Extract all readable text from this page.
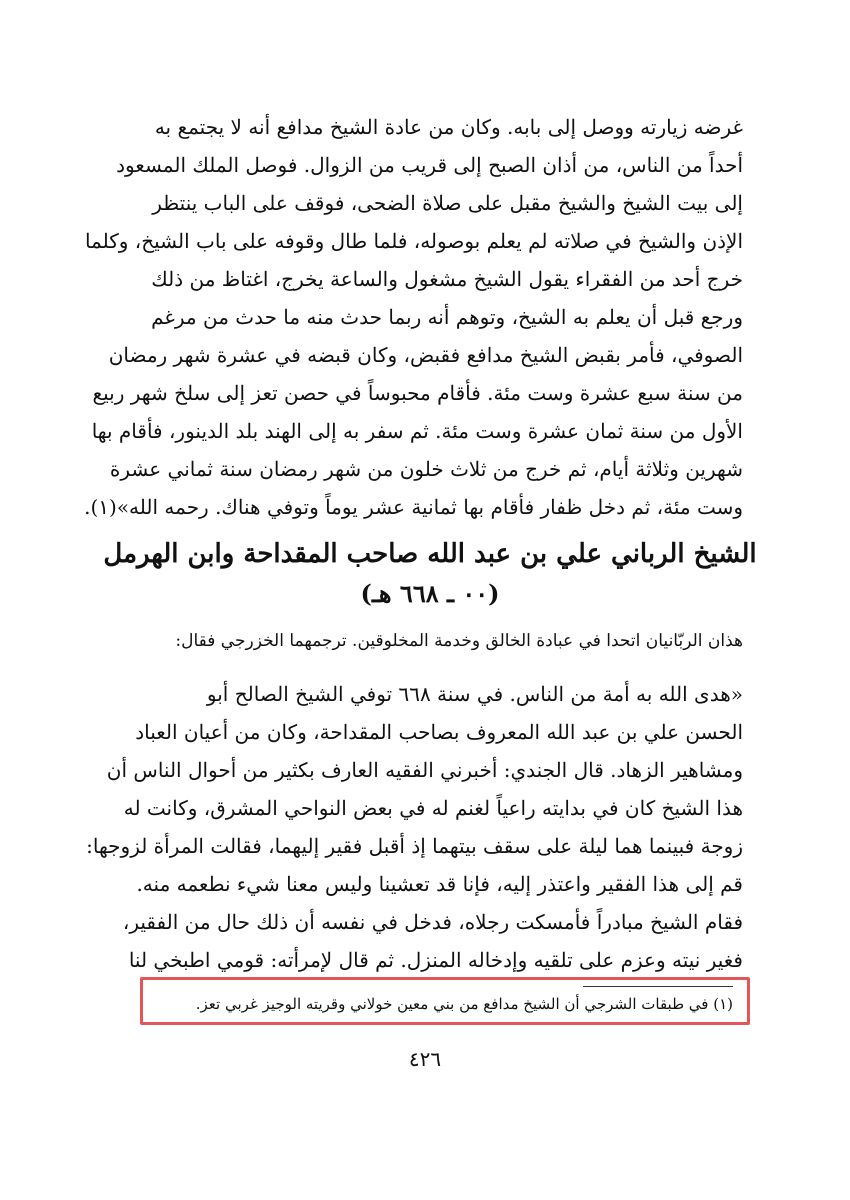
غرضه زيارته ووصل إلى بابه. وكان من عادة الشيخ مدافع أنه لا يجتمع به
أحداً من الناس، من أذان الصبح إلى قريب من الزوال. فوصل الملك المسعود
إلى بيت الشيخ والشيخ مقبل على صلاة الضحى، فوقف على الباب ينتظر
الإذن والشيخ في صلاته لم يعلم بوصوله، فلما طال وقوفه على باب الشيخ، وكلما
خرج أحد من الفقراء يقول الشيخ مشغول والساعة يخرج، اغتاظ من ذلك
ورجع قبل أن يعلم به الشيخ، وتوهم أنه ربما حدث منه ما حدث من مرغم
الصوفي، فأمر بقبض الشيخ مدافع فقبض، وكان قبضه في عشرة شهر رمضان
من سنة سبع عشرة وست مئة. فأقام محبوساً في حصن تعز إلى سلخ شهر ربيع
الأول من سنة ثمان عشرة وست مئة. ثم سفر به إلى الهند بلد الدينور، فأقام بها
شهرين وثلاثة أيام، ثم خرج من ثلاث خلون من شهر رمضان سنة ثماني عشرة
وست مئة، ثم دخل ظفار فأقام بها ثمانية عشر يوماً وتوفي هناك. رحمه الله»(١).
الشيخ الرباني علي بن عبد الله صاحب المقداحة وابن الهرمل
(٠٠ ـ ٦٦٨ هـ)
هذان الربّانيان اتحدا في عبادة الخالق وخدمة المخلوقين. ترجمهما الخزرجي فقال:
«هدى الله به أمة من الناس. في سنة ٦٦٨ توفي الشيخ الصالح أبو
الحسن علي بن عبد الله المعروف بصاحب المقداحة، وكان من أعيان العباد
ومشاهير الزهاد. قال الجندي: أخبرني الفقيه العارف بكثير من أحوال الناس أن
هذا الشيخ كان في بدايته راعياً لغنم له في بعض النواحي المشرق، وكانت له
زوجة فبينما هما ليلة على سقف بيتهما إذ أقبل فقير إليهما، فقالت المرأة لزوجها:
قم إلى هذا الفقير واعتذر إليه، فإنا قد تعشينا وليس معنا شيء نطعمه منه.
فقام الشيخ مبادراً فأمسكت رجلاه، فدخل في نفسه أن ذلك حال من الفقير،
فغير نيته وعزم على تلقيه وإدخاله المنزل. ثم قال لإمرأته: قومي اطبخي لنا
(١) في طبقات الشرجي أن الشيخ مدافع من بني معين خولاني وقريته الوجيز غربي تعز.
٤٢٦
